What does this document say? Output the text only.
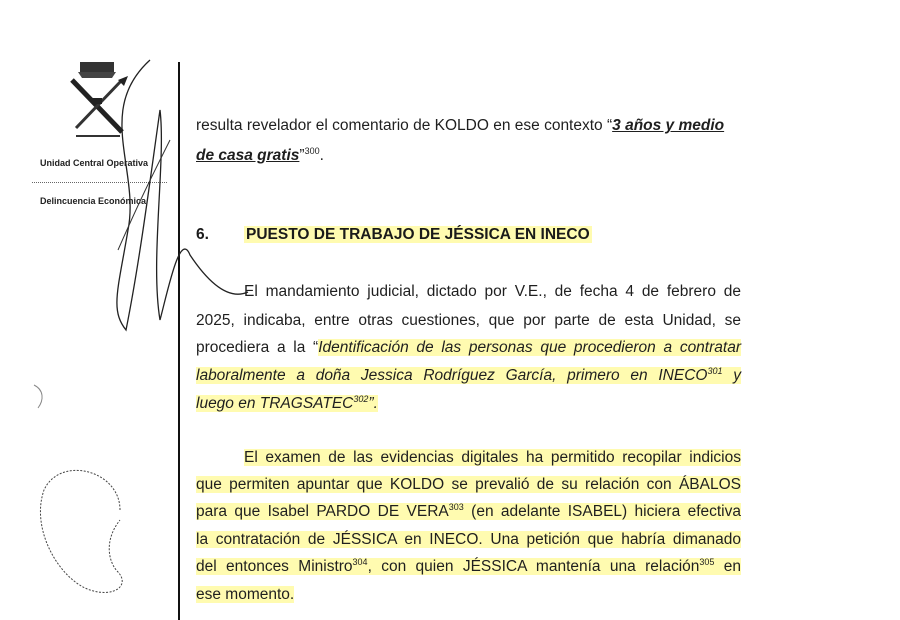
Unidad Central Operativa
Delincuencia Económica
resulta revelador el comentario de KOLDO en ese contexto “3 años y medio
de casa gratis”$^{300}$.
6. PUESTO DE TRABAJO DE JÉSSICA EN INECO
El mandamiento judicial, dictado por V.E., de fecha 4 de febrero de
2025, indicaba, entre otras cuestiones, que por parte de esta Unidad, se
procediera a la “Identificación de las personas que procedieron a contratar
laboralmente a doña Jessica Rodríguez García, primero en INECO$^{301}$ y
luego en TRAGSATEC$^{302}$”.
El examen de las evidencias digitales ha permitido recopilar indicios
que permiten apuntar que KOLDO se prevalió de su relación con ÁBALOS
para que Isabel PARDO DE VERA$^{303}$ (en adelante ISABEL) hiciera efectiva
la contratación de JÉSSICA en INECO. Una petición que habría dimanado
del entonces Ministro$^{304}$, con quien JÉSSICA mantenía una relación$^{305}$ en
ese momento.
